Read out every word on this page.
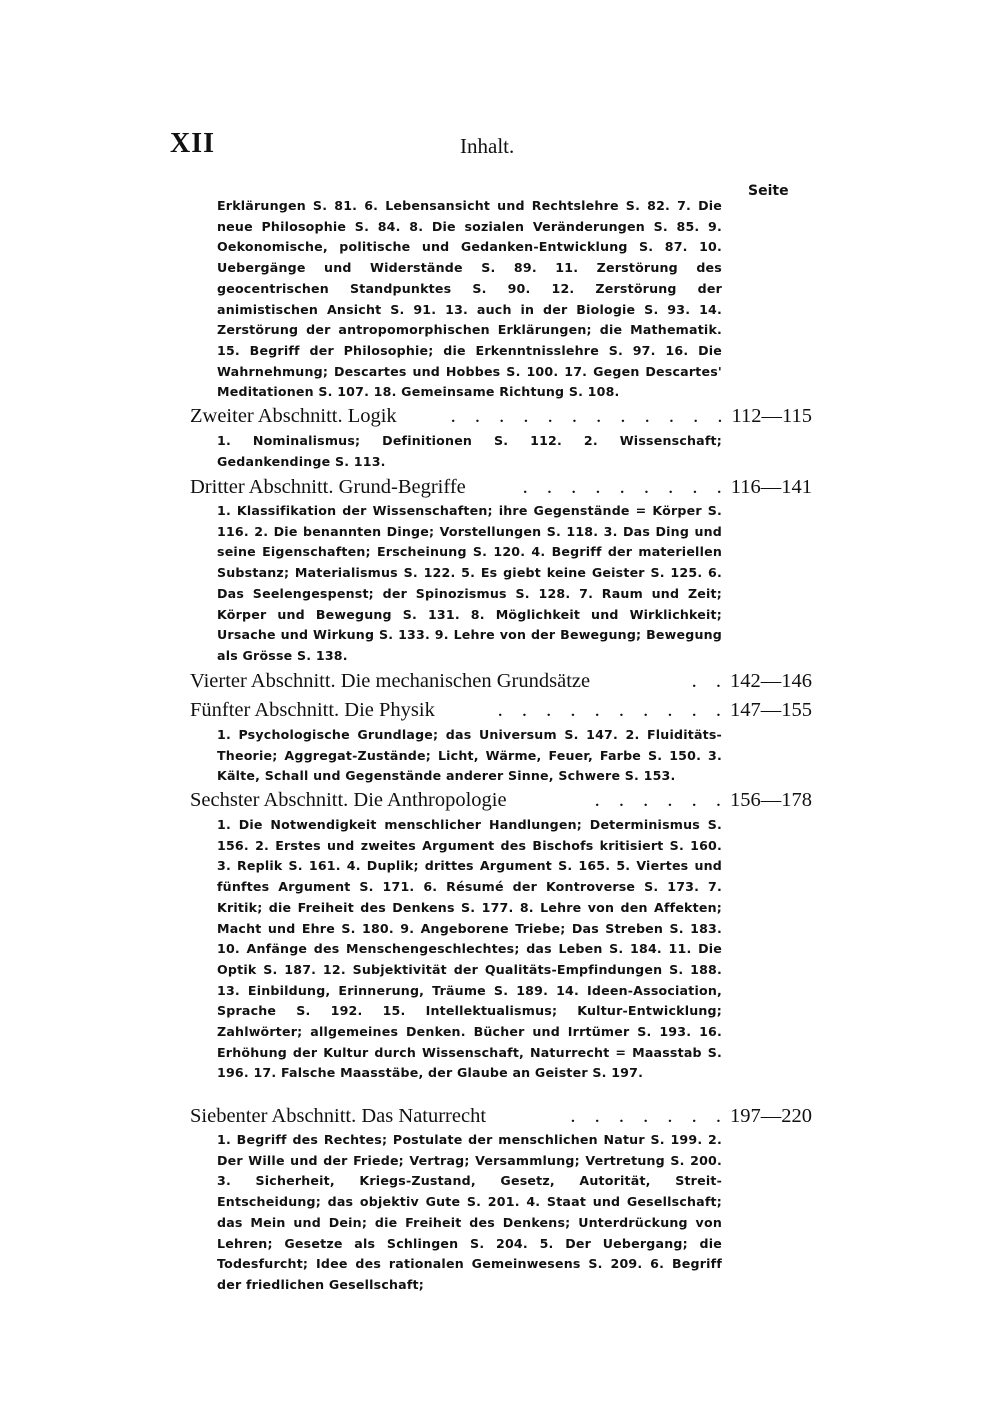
XII	Inhalt.
Seite

Erklärungen S. 81. 6. Lebensansicht und Rechtslehre S. 82. 7. Die neue Philosophie S. 84. 8. Die sozialen Veränderungen S. 85. 9. Oekonomische, politische und Gedanken-Entwicklung S. 87. 10. Uebergänge und Widerstände S. 89. 11. Zerstörung des geocentrischen Standpunktes S. 90. 12. Zerstörung der animistischen Ansicht S. 91. 13. auch in der Biologie S. 93. 14. Zerstörung der antropomorphischen Erklärungen; die Mathematik. 15. Begriff der Philosophie; die Erkenntnisslehre S. 97. 16. Die Wahrnehmung; Descartes und Hobbes S. 100. 17. Gegen Descartes' Meditationen S. 107. 18. Gemeinsame Richtung S. 108.

Zweiter Abschnitt. Logik	. . . . . . . . . . . . 112—115

1. Nominalismus; Definitionen S. 112. 2. Wissenschaft; Gedankendinge S. 113.

Dritter Abschnitt. Grund-Begriffe	. . . . . . . . . 116—141

1. Klassifikation der Wissenschaften; ihre Gegenstände = Körper S. 116. 2. Die benannten Dinge; Vorstellungen S. 118. 3. Das Ding und seine Eigenschaften; Erscheinung S. 120. 4. Begriff der materiellen Substanz; Materialismus S. 122. 5. Es giebt keine Geister S. 125. 6. Das Seelengespenst; der Spinozismus S. 128. 7. Raum und Zeit; Körper und Bewegung S. 131. 8. Möglichkeit und Wirklichkeit; Ursache und Wirkung S. 133. 9. Lehre von der Bewegung; Bewegung als Grösse S. 138.

Vierter Abschnitt. Die mechanischen Grundsätze	. . 142—146
Fünfter Abschnitt. Die Physik	. . . . . . . . . . 147—155

1. Psychologische Grundlage; das Universum S. 147. 2. Fluiditäts-Theorie; Aggregat-Zustände; Licht, Wärme, Feuer, Farbe S. 150. 3. Kälte, Schall und Gegenstände anderer Sinne, Schwere S. 153.

Sechster Abschnitt. Die Anthropologie	. . . . . . 156—178

1. Die Notwendigkeit menschlicher Handlungen; Determinismus S. 156. 2. Erstes und zweites Argument des Bischofs kritisiert S. 160. 3. Replik S. 161. 4. Duplik; drittes Argument S. 165. 5. Viertes und fünftes Argument S. 171. 6. Résumé der Kontroverse S. 173. 7. Kritik; die Freiheit des Denkens S. 177. 8. Lehre von den Affekten; Macht und Ehre S. 180. 9. Angeborene Triebe; Das Streben S. 183. 10. Anfänge des Menschengeschlechtes; das Leben S. 184. 11. Die Optik S. 187. 12. Subjektivität der Qualitäts-Empfindungen S. 188. 13. Einbildung, Erinnerung, Träume S. 189. 14. Ideen-Association, Sprache S. 192. 15. Intellektualismus; Kultur-Entwicklung; Zahlwörter; allgemeines Denken. Bücher und Irrtümer S. 193. 16. Erhöhung der Kultur durch Wissenschaft, Naturrecht = Maasstab S. 196. 17. Falsche Maasstäbe, der Glaube an Geister S. 197.

Siebenter Abschnitt. Das Naturrecht	. . . . . . . 197—220

1. Begriff des Rechtes; Postulate der menschlichen Natur S. 199. 2. Der Wille und der Friede; Vertrag; Versammlung; Vertretung S. 200. 3. Sicherheit, Kriegs-Zustand, Gesetz, Autorität, Streit-Entscheidung; das objektiv Gute S. 201. 4. Staat und Gesellschaft; das Mein und Dein; die Freiheit des Denkens; Unterdrückung von Lehren; Gesetze als Schlingen S. 204. 5. Der Uebergang; die Todesfurcht; Idee des rationalen Gemeinwesens S. 209. 6. Begriff der friedlichen Gesellschaft;
